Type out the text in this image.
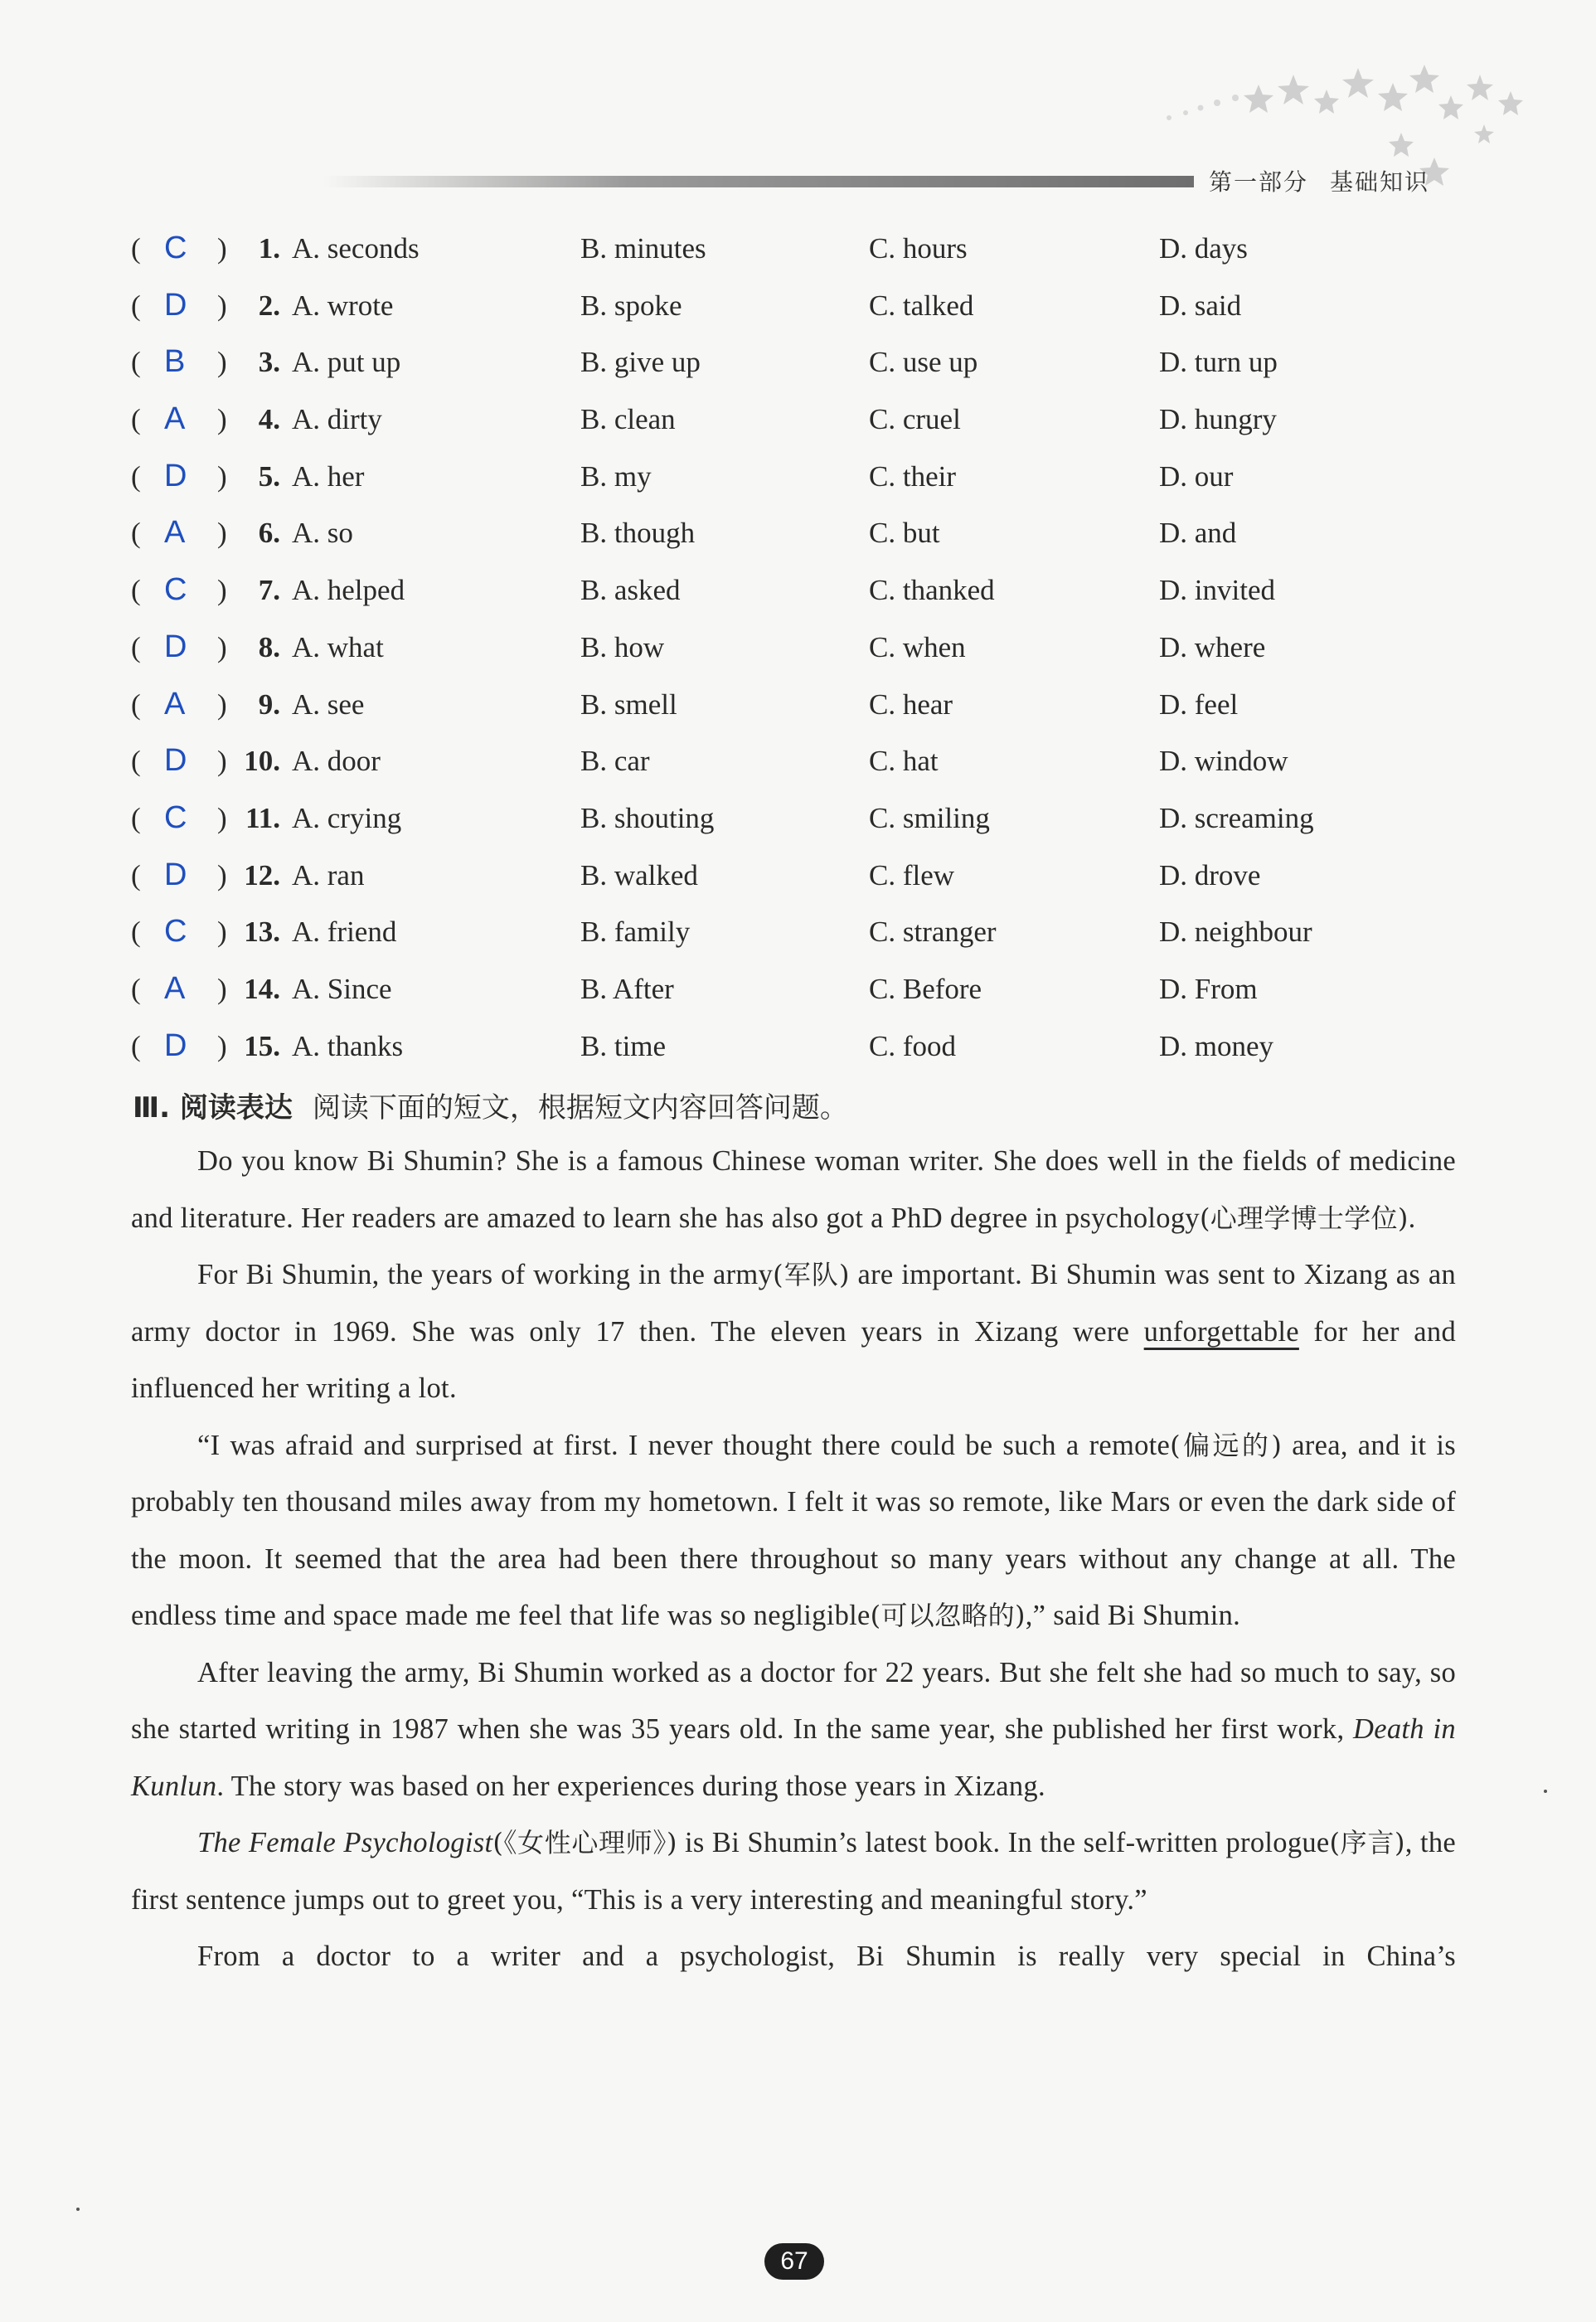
第一部分 基础知识
( C )	1. A. seconds	B. minutes	C. hours	D. days
( D )	2. A. wrote	B. spoke	C. talked	D. said
( B )	3. A. put up	B. give up	C. use up	D. turn up
( A )	4. A. dirty	B. clean	C. cruel	D. hungry
( D )	5. A. her	B. my	C. their	D. our
( A )	6. A. so	B. though	C. but	D. and
( C )	7. A. helped	B. asked	C. thanked	D. invited
( D )	8. A. what	B. how	C. when	D. where
( A )	9. A. see	B. smell	C. hear	D. feel
( D ) 10. A. door	B. car	C. hat	D. window
( C ) 11. A. crying	B. shouting	C. smiling	D. screaming
( D ) 12. A. ran	B. walked	C. flew	D. drove
( C ) 13. A. friend	B. family	C. stranger	D. neighbour
( A ) 14. A. Since	B. After	C. Before	D. From
( D ) 15. A. thanks	B. time	C. food	D. money
Ⅲ. 阅读表达 阅读下面的短文，根据短文内容回答问题。

Do you know Bi Shumin? She is a famous Chinese woman writer. She does well in the fields of medicine and literature. Her readers are amazed to learn she has also got a PhD degree in psychology(心理学博士学位).

For Bi Shumin, the years of working in the army(军队) are important. Bi Shumin was sent to Xizang as an army doctor in 1969. She was only 17 then. The eleven years in Xizang were unforgettable for her and influenced her writing a lot.

“I was afraid and surprised at first. I never thought there could be such a remote(偏远的) area, and it is probably ten thousand miles away from my hometown. I felt it was so remote, like Mars or even the dark side of the moon. It seemed that the area had been there throughout so many years without any change at all. The endless time and space made me feel that life was so negligible(可以忽略的),” said Bi Shumin.

After leaving the army, Bi Shumin worked as a doctor for 22 years. But she felt she had so much to say, so she started writing in 1987 when she was 35 years old. In the same year, she published her first work, Death in Kunlun. The story was based on her experiences during those years in Xizang.

The Female Psychologist(《女性心理师》) is Bi Shumin’s latest book. In the self-written prologue(序言), the first sentence jumps out to greet you, “This is a very interesting and meaningful story.”

From a doctor to a writer and a psychologist, Bi Shumin is really very special in China’s

67
